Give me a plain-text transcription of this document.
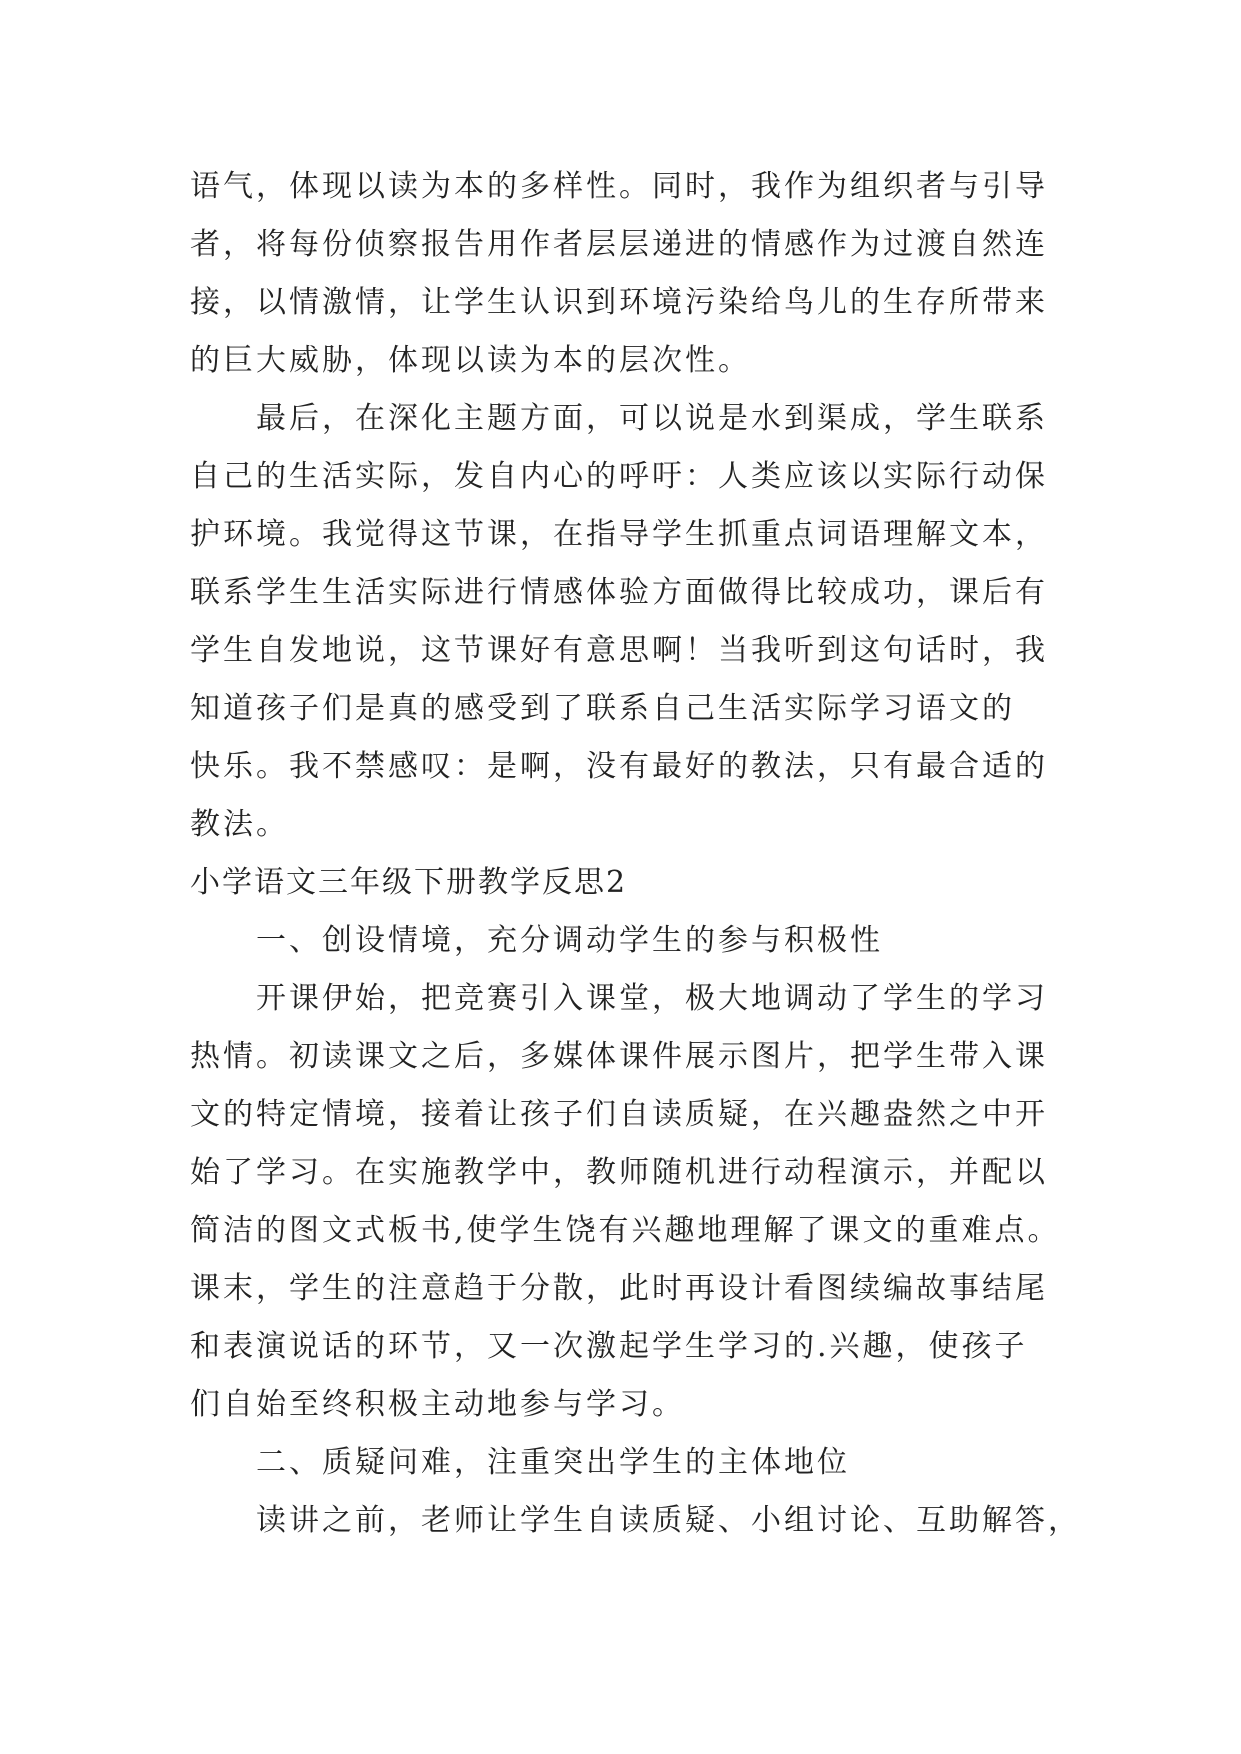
语气，体现以读为本的多样性。同时，我作为组织者与引导
者，将每份侦察报告用作者层层递进的情感作为过渡自然连
接，以情激情，让学生认识到环境污染给鸟儿的生存所带来
的巨大威胁，体现以读为本的层次性。
最后，在深化主题方面，可以说是水到渠成，学生联系
自己的生活实际，发自内心的呼吁：人类应该以实际行动保
护环境。我觉得这节课，在指导学生抓重点词语理解文本，
联系学生生活实际进行情感体验方面做得比较成功，课后有
学生自发地说，这节课好有意思啊！当我听到这句话时，我
知道孩子们是真的感受到了联系自己生活实际学习语文的
快乐。我不禁感叹：是啊，没有最好的教法，只有最合适的
教法。
小学语文三年级下册教学反思2
一、创设情境，充分调动学生的参与积极性
开课伊始，把竞赛引入课堂，极大地调动了学生的学习
热情。初读课文之后，多媒体课件展示图片，把学生带入课
文的特定情境，接着让孩子们自读质疑，在兴趣盎然之中开
始了学习。在实施教学中，教师随机进行动程演示，并配以
简洁的图文式板书,使学生饶有兴趣地理解了课文的重难点。
课末，学生的注意趋于分散，此时再设计看图续编故事结尾
和表演说话的环节，又一次激起学生学习的.兴趣，使孩子
们自始至终积极主动地参与学习。
二、质疑问难，注重突出学生的主体地位
读讲之前，老师让学生自读质疑、小组讨论、互助解答，
